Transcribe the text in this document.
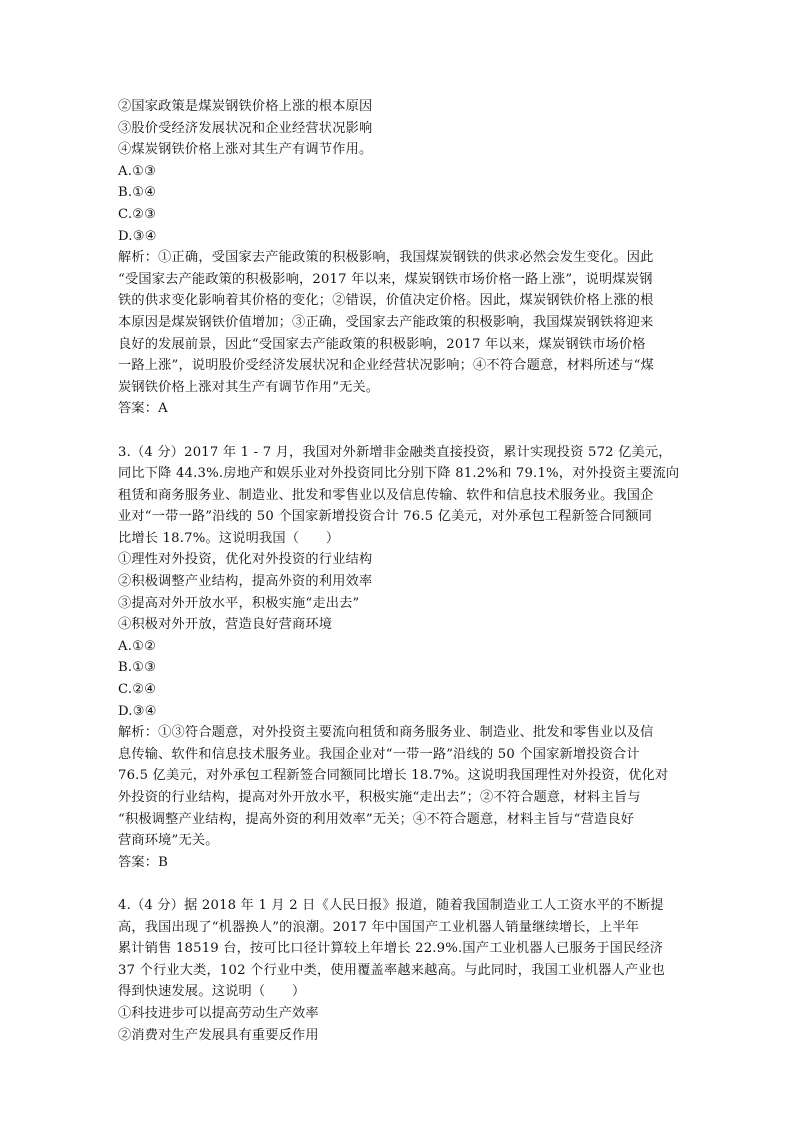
②国家政策是煤炭钢铁价格上涨的根本原因
③股价受经济发展状况和企业经营状况影响
④煤炭钢铁价格上涨对其生产有调节作用。
A.①③
B.①④
C.②③
D.③④
解析：①正确，受国家去产能政策的积极影响，我国煤炭钢铁的供求必然会发生变化。因此
“受国家去产能政策的积极影响，2017 年以来，煤炭钢铁市场价格一路上涨”，说明煤炭钢
铁的供求变化影响着其价格的变化；②错误，价值决定价格。因此，煤炭钢铁价格上涨的根
本原因是煤炭钢铁价值增加；③正确，受国家去产能政策的积极影响，我国煤炭钢铁将迎来
良好的发展前景，因此“受国家去产能政策的积极影响，2017 年以来，煤炭钢铁市场价格
一路上涨”，说明股价受经济发展状况和企业经营状况影响；④不符合题意，材料所述与“煤
炭钢铁价格上涨对其生产有调节作用”无关。
答案：A
3.（4 分）2017 年 1 - 7 月，我国对外新增非金融类直接投资，累计实现投资 572 亿美元，
同比下降 44.3%.房地产和娱乐业对外投资同比分别下降 81.2%和 79.1%，对外投资主要流向
租赁和商务服务业、制造业、批发和零售业以及信息传输、软件和信息技术服务业。我国企
业对“一带一路”沿线的 50 个国家新增投资合计 76.5 亿美元，对外承包工程新签合同额同
比增长 18.7%。这说明我国（　　）
①理性对外投资，优化对外投资的行业结构
②积极调整产业结构，提高外资的利用效率
③提高对外开放水平，积极实施“走出去”
④积极对外开放，营造良好营商环境
A.①②
B.①③
C.②④
D.③④
解析：①③符合题意，对外投资主要流向租赁和商务服务业、制造业、批发和零售业以及信
息传输、软件和信息技术服务业。我国企业对“一带一路”沿线的 50 个国家新增投资合计
76.5 亿美元，对外承包工程新签合同额同比增长 18.7%。这说明我国理性对外投资，优化对
外投资的行业结构，提高对外开放水平，积极实施“走出去”；②不符合题意，材料主旨与
“积极调整产业结构，提高外资的利用效率”无关；④不符合题意，材料主旨与“营造良好
营商环境”无关。
答案：B
4.（4 分）据 2018 年 1 月 2 日《人民日报》报道，随着我国制造业工人工资水平的不断提
高，我国出现了“机器换人”的浪潮。2017 年中国国产工业机器人销量继续增长，上半年
累计销售 18519 台，按可比口径计算较上年增长 22.9%.国产工业机器人已服务于国民经济
37 个行业大类，102 个行业中类，使用覆盖率越来越高。与此同时，我国工业机器人产业也
得到快速发展。这说明（　　）
①科技进步可以提高劳动生产效率
②消费对生产发展具有重要反作用
